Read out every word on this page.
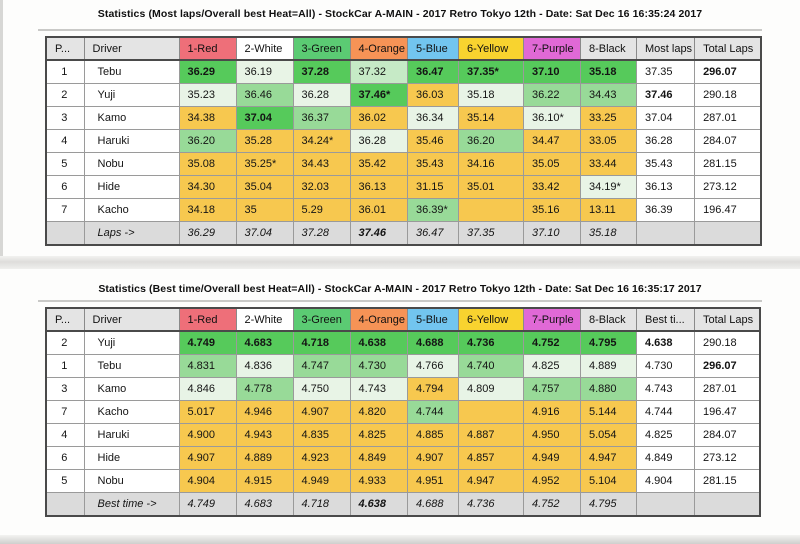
Statistics (Most laps/Overall best Heat=All) - StockCar A-MAIN - 2017 Retro Tokyo 12th - Date: Sat Dec 16 16:35:24 2017
P...	Driver	1-Red	2-White	3-Green	4-Orange	5-Blue	6-Yellow	7-Purple	8-Black	Most laps	Total Laps
1	Tebu	36.29	36.19	37.28	37.32	36.47	37.35*	37.10	35.18	37.35	296.07
2	Yuji	35.23	36.46	36.28	37.46*	36.03	35.18	36.22	34.43	37.46	290.18
3	Kamo	34.38	37.04	36.37	36.02	36.34	35.14	36.10*	33.25	37.04	287.01
4	Haruki	36.20	35.28	34.24*	36.28	35.46	36.20	34.47	33.05	36.28	284.07
5	Nobu	35.08	35.25*	34.43	35.42	35.43	34.16	35.05	33.44	35.43	281.15
6	Hide	34.30	35.04	32.03	36.13	31.15	35.01	33.42	34.19*	36.13	273.12
7	Kacho	34.18	35	5.29	36.01	36.39*		35.16	13.11	36.39	196.47
	Laps ->	36.29	37.04	37.28	37.46	36.47	37.35	37.10	35.18		
Statistics (Best time/Overall best Heat=All) - StockCar A-MAIN - 2017 Retro Tokyo 12th - Date: Sat Dec 16 16:35:17 2017
P...	Driver	1-Red	2-White	3-Green	4-Orange	5-Blue	6-Yellow	7-Purple	8-Black	Best ti...	Total Laps
2	Yuji	4.749	4.683	4.718	4.638	4.688	4.736	4.752	4.795	4.638	290.18
1	Tebu	4.831	4.836	4.747	4.730	4.766	4.740	4.825	4.889	4.730	296.07
3	Kamo	4.846	4.778	4.750	4.743	4.794	4.809	4.757	4.880	4.743	287.01
7	Kacho	5.017	4.946	4.907	4.820	4.744		4.916	5.144	4.744	196.47
4	Haruki	4.900	4.943	4.835	4.825	4.885	4.887	4.950	5.054	4.825	284.07
6	Hide	4.907	4.889	4.923	4.849	4.907	4.857	4.949	4.947	4.849	273.12
5	Nobu	4.904	4.915	4.949	4.933	4.951	4.947	4.952	5.104	4.904	281.15
	Best time ->	4.749	4.683	4.718	4.638	4.688	4.736	4.752	4.795		
